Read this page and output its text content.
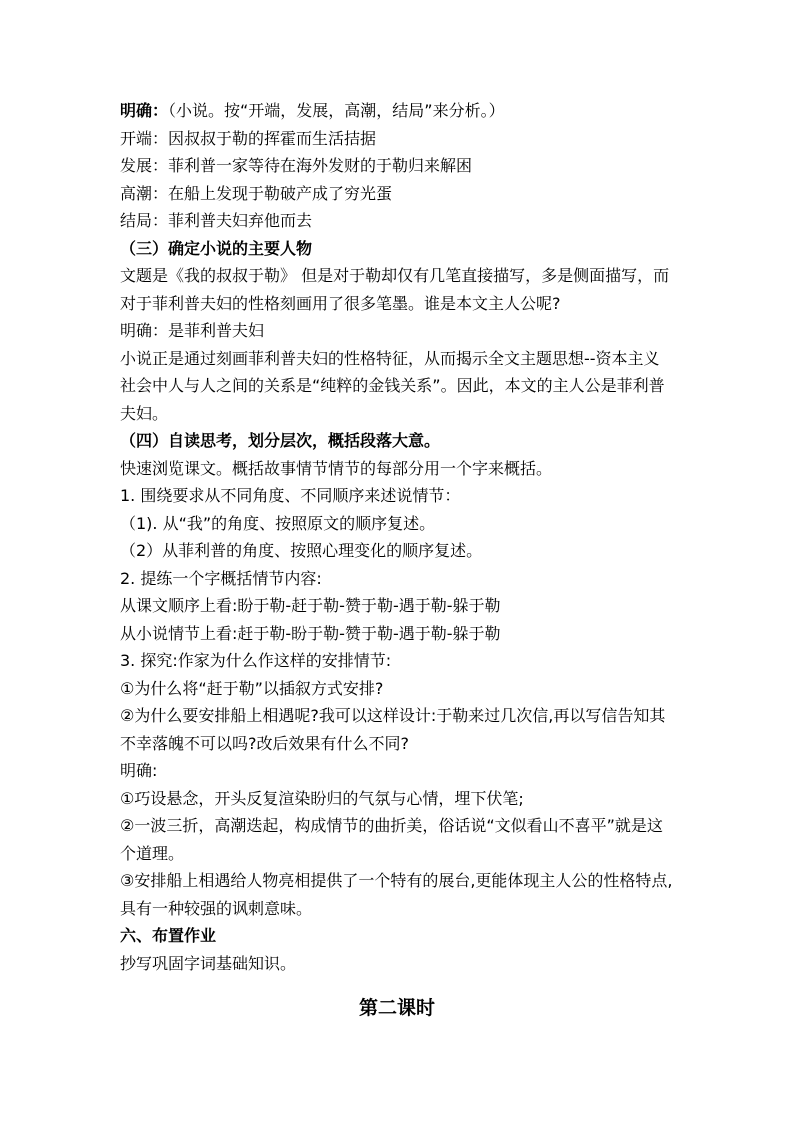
明确：（小说。按“开端，发展，高潮，结局”来分析。）
开端：因叔叔于勒的挥霍而生活拮据
发展：菲利普一家等待在海外发财的于勒归来解困
高潮：在船上发现于勒破产成了穷光蛋
结局：菲利普夫妇弃他而去
（三）确定小说的主要人物
文题是《我的叔叔于勒》 但是对于勒却仅有几笔直接描写，多是侧面描写，而
对于菲利普夫妇的性格刻画用了很多笔墨。谁是本文主人公呢?
明确：是菲利普夫妇
小说正是通过刻画菲利普夫妇的性格特征，从而揭示全文主题思想--资本主义
社会中人与人之间的关系是“纯粹的金钱关系”。因此，本文的主人公是菲利普
夫妇。
（四）自读思考，划分层次，概括段落大意。
快速浏览课文。概括故事情节情节的每部分用一个字来概括。
1. 围绕要求从不同角度、不同顺序来述说情节：
（1). 从“我”的角度、按照原文的顺序复述。
（2）从菲利普的角度、按照心理变化的顺序复述。
2. 提练一个字概括情节内容:
从课文顺序上看:盼于勒-赶于勒-赞于勒-遇于勒-躲于勒
从小说情节上看:赶于勒-盼于勒-赞于勒-遇于勒-躲于勒
3. 探究:作家为什么作这样的安排情节:
①为什么将“赶于勒”以插叙方式安排?
②为什么要安排船上相遇呢?我可以这样设计:于勒来过几次信,再以写信告知其
不幸落魄不可以吗?改后效果有什么不同?
明确:
①巧设悬念，开头反复渲染盼归的气氛与心情，埋下伏笔;
②一波三折，高潮迭起，构成情节的曲折美，俗话说“文似看山不喜平”就是这
个道理。
③安排船上相遇给人物亮相提供了一个特有的展台,更能体现主人公的性格特点,
具有一种较强的讽刺意味。
六、布置作业
抄写巩固字词基础知识。
第二课时
